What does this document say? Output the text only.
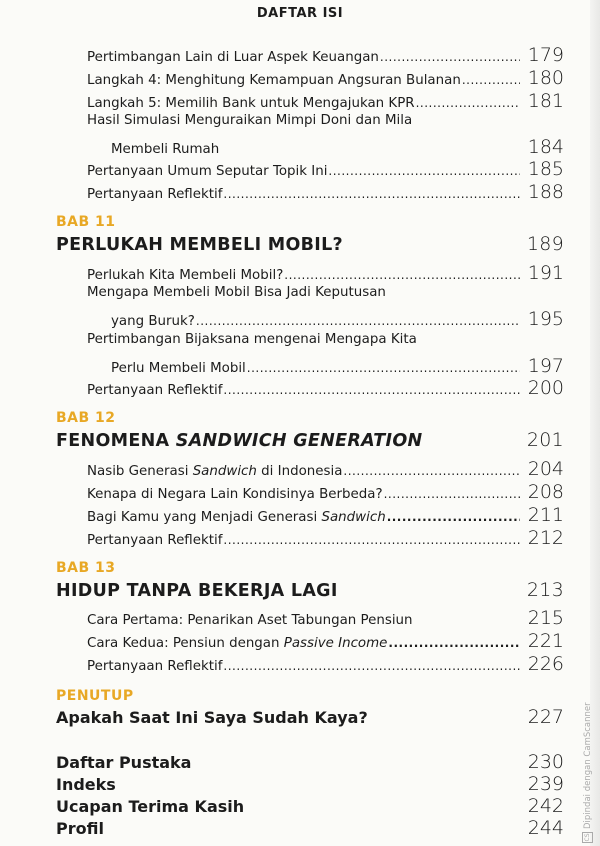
DAFTAR ISI
Pertimbangan Lain di Luar Aspek Keuangan .....	179
Langkah 4: Menghitung Kemampuan Angsuran Bulanan .....	180
Langkah 5: Memilih Bank untuk Mengajukan KPR .....	181
Hasil Simulasi Menguraikan Mimpi Doni dan Mila
Membeli Rumah	184
Pertanyaan Umum Seputar Topik Ini .....	185
Pertanyaan Reflektif .....	188
BAB 11
PERLUKAH MEMBELI MOBIL?	189
Perlukah Kita Membeli Mobil? .....	191
Mengapa Membeli Mobil Bisa Jadi Keputusan
yang Buruk? .....	195
Pertimbangan Bijaksana mengenai Mengapa Kita
Perlu Membeli Mobil .....	197
Pertanyaan Reflektif .....	200
BAB 12
FENOMENA SANDWICH GENERATION	201
Nasib Generasi Sandwich di Indonesia .....	204
Kenapa di Negara Lain Kondisinya Berbeda? .....	208
Bagi Kamu yang Menjadi Generasi Sandwich .....	211
Pertanyaan Reflektif .....	212
BAB 13
HIDUP TANPA BEKERJA LAGI	213
Cara Pertama: Penarikan Aset Tabungan Pensiun	215
Cara Kedua: Pensiun dengan Passive Income .....	221
Pertanyaan Reflektif .....	226
PENUTUP
Apakah Saat Ini Saya Sudah Kaya?	227
Daftar Pustaka	230
Indeks	239
Ucapan Terima Kasih	242
Profil	244	CSDipindai dengan CamScanner
